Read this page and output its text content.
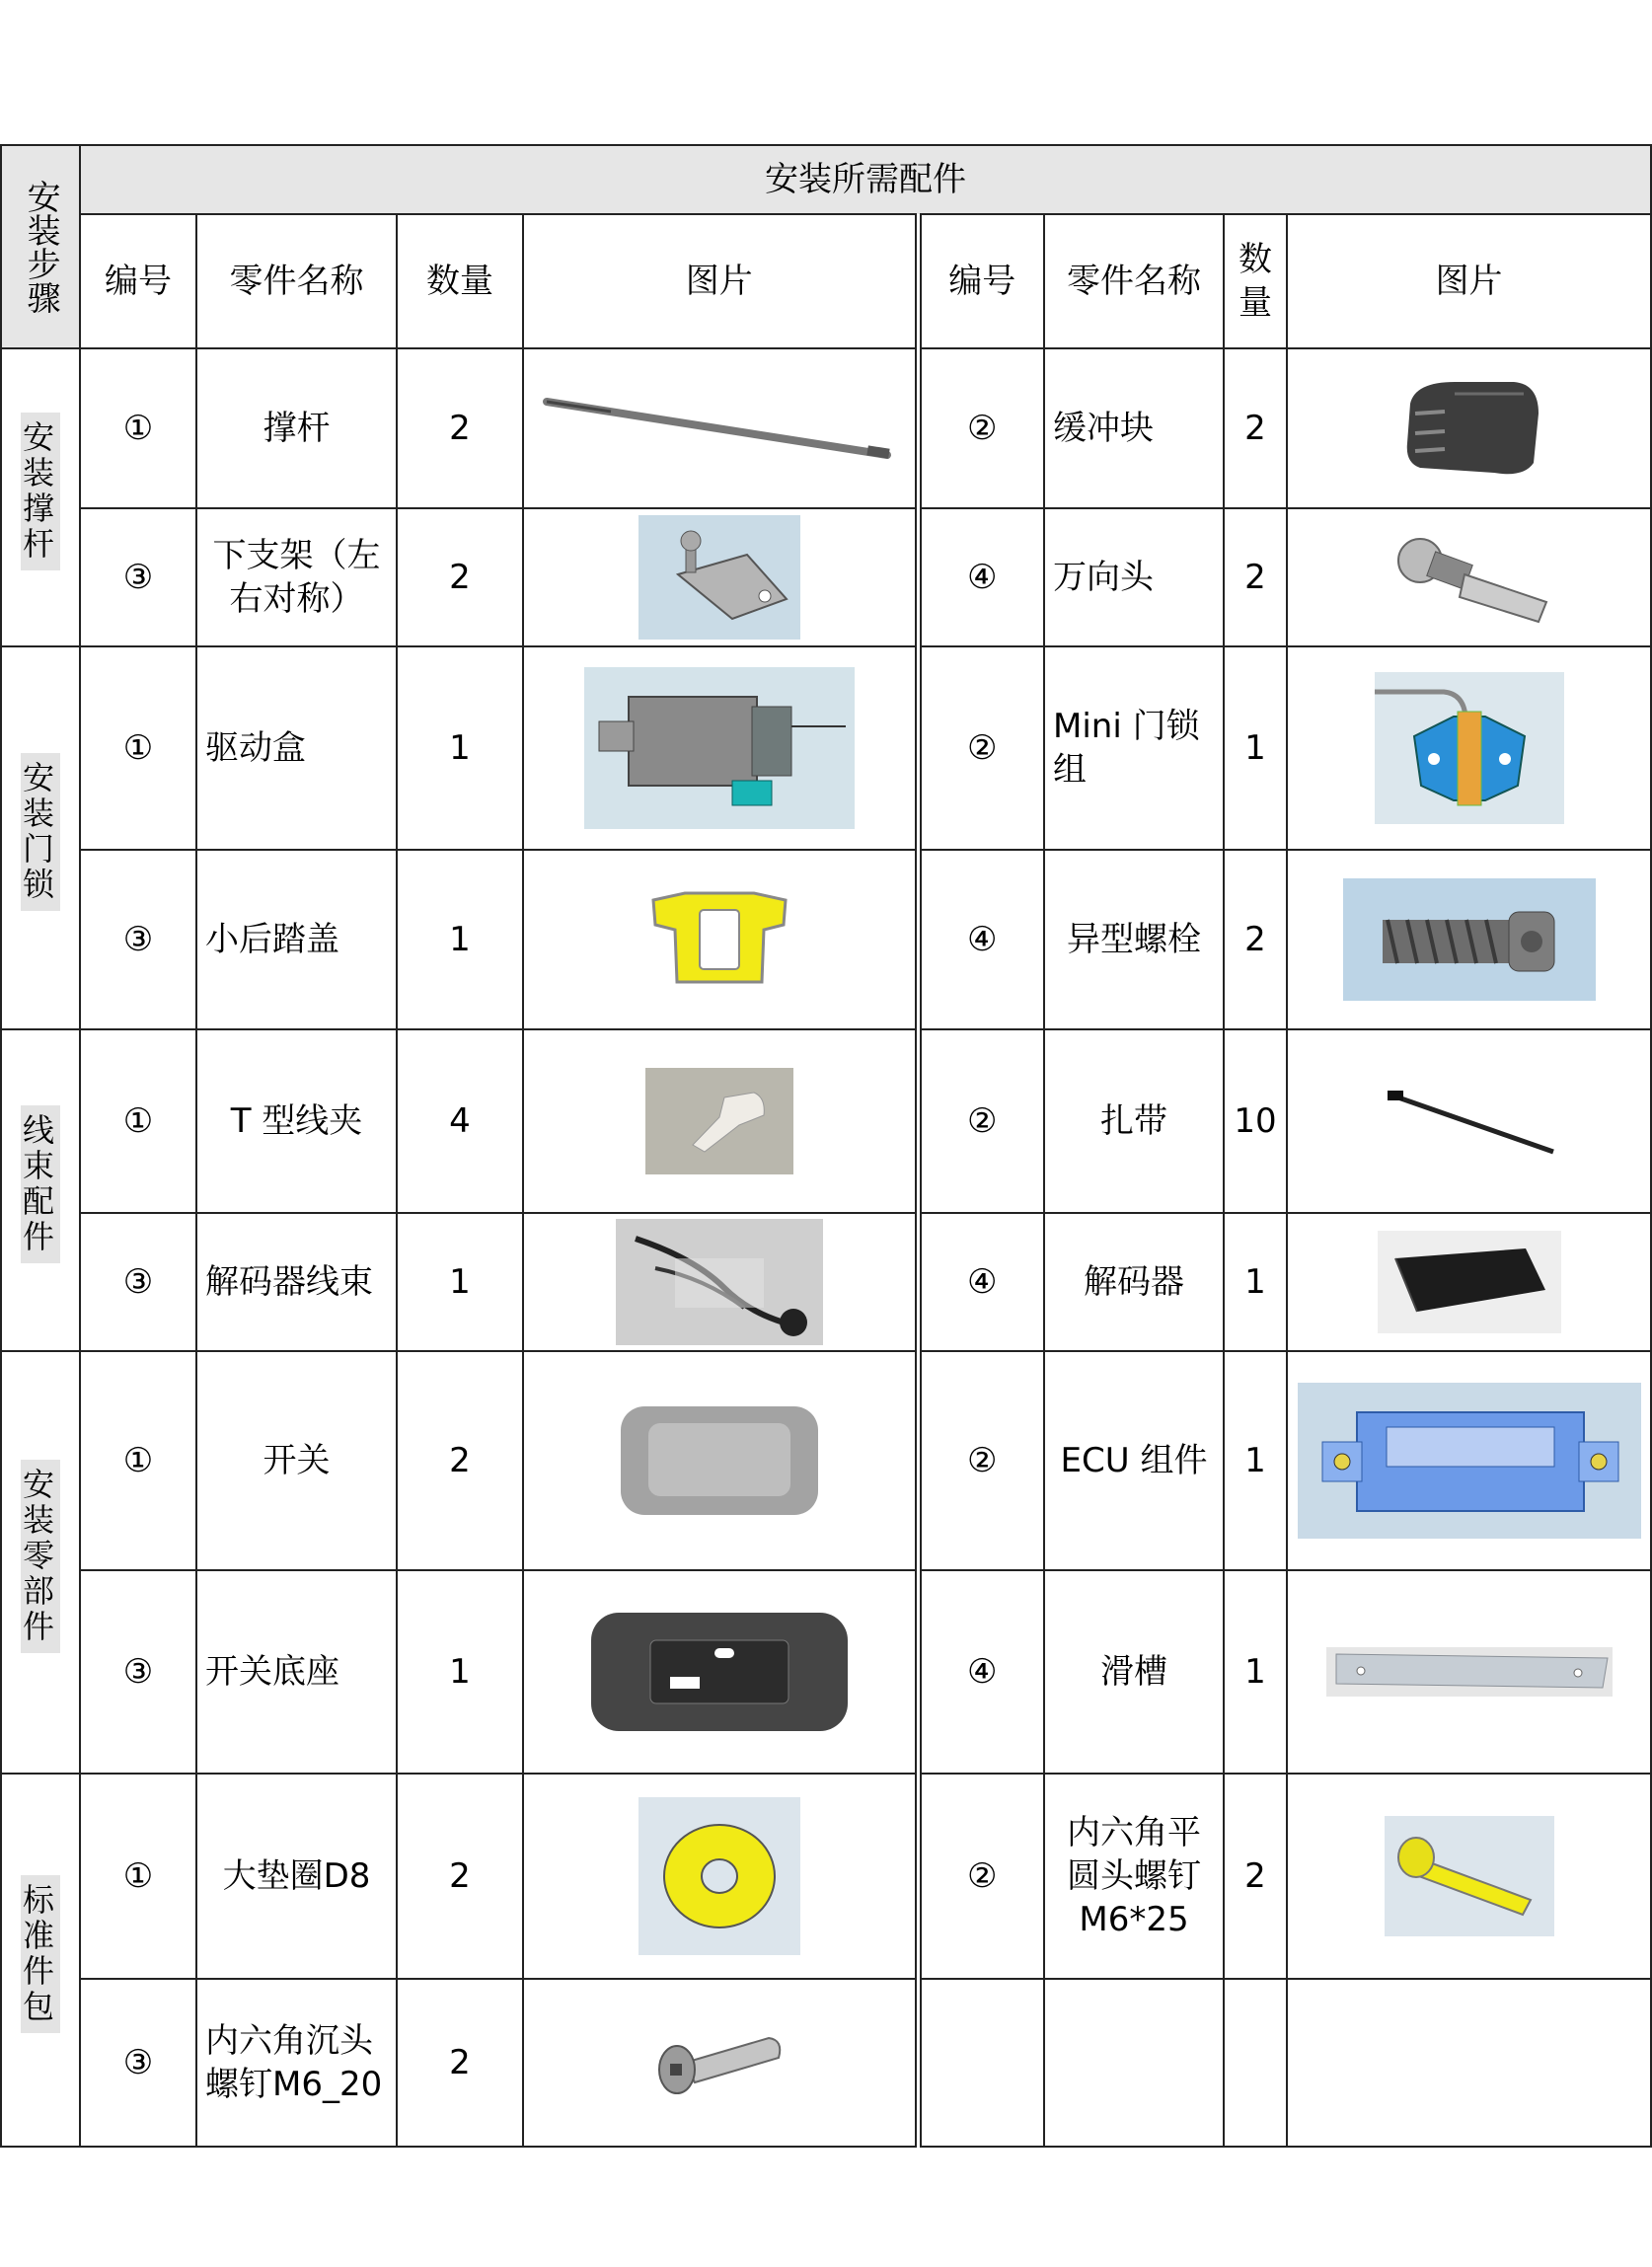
安装步骤	安装所需配件							
	编号	零件名称	数量	图片	编号	零件名称	数量	图片
安装撑杆	①	撑杆	2		②	缓冲块	2	

	③	下支架（左右对称）	2		④	万向头	2	

安装门锁	①	驱动盒	1		②	Mini 门锁组	1	

	③	小后踏盖	1		④	异型螺栓	2	

线束配件	①	T 型线夹	4		②	扎带	10	

	③	解码器线束	1		④	解码器	1	

安装零部件	①	开关	2		②	ECU 组件	1	

	③	开关底座	1		④	滑槽	1	

标准件包	①	大垫圈D8	2		②	内六角平圆头螺钉M6*25	2	

	③	内六角沉头螺钉M6_20	2	
